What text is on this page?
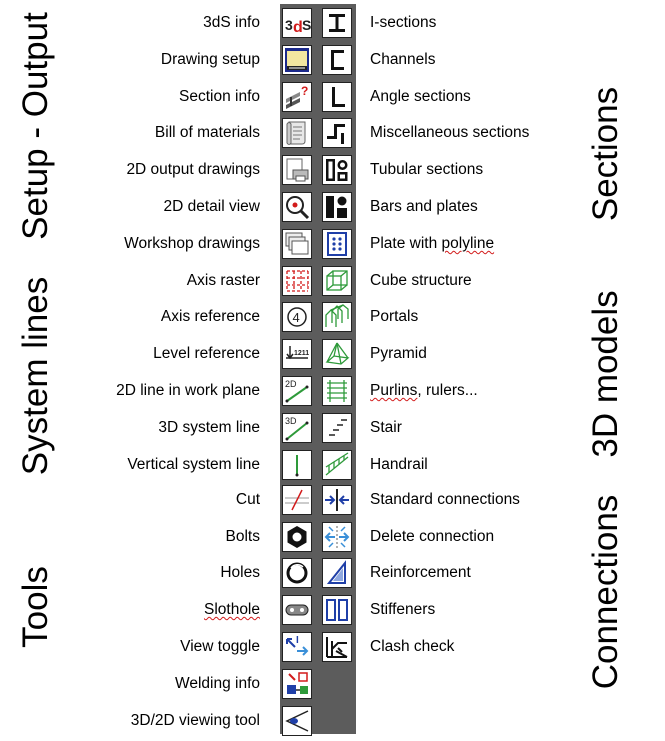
Setup - Output
System lines
Tools
Sections
3D models
Connections
3dS info
Drawing setup
Section info
Bill of materials
2D output drawings
2D detail view
Workshop drawings
Axis raster
Axis reference
Level reference
2D line in work plane
3D system line
Vertical system line
Cut
Bolts
Holes
Slothole
View toggle
Welding info
3D/2D viewing tool
I-sections
Channels
Angle sections
Miscellaneous sections
Tubular sections
Bars and plates
Plate with polyline
Cube structure
Portals
Pyramid
Purlins, rulers...
Stair
Handrail
Standard connections
Delete connection
Reinforcement
Stiffeners
Clash check
3 d S
?
4
1211
2D
3D
I
